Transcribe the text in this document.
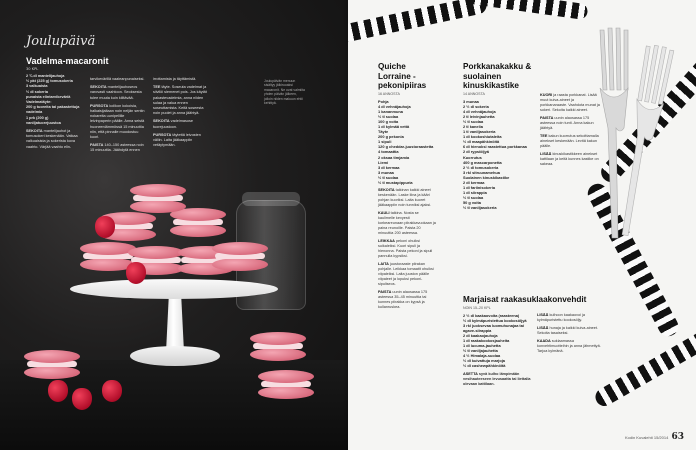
Joulupäivä
Vadelma-macaronit
30 KPL
2 ¾ dl mantelijauhoja
½ pkt (225 g) tomusokeria
3 valkuaista
½ dl sokeria
punaista elintarvikeväriä
Vadelmatäyte:
200 g tuoreita tai pakastettuja
vadelmia
1 prk (200 g) vaniljatuorejuustoa

SEKOITA mantelijauhot ja tomusokeri keskenään. Vatkaa valkuaisista ja sokerista kova vaahto. Värjää vaahto elin-

tarvikevärillä vaaleanpunaiseksi.

SEKOITA mantelijauhoseos varovasti vaahtoon. Seoksesta tulee muuta kuin kiiltävää.

PURSOTA kolikon kokoisia, halkaisijaltaan noin neljän sentin nokareita uunipellille leivinpaperin päälle. Anna seistä huoneenlämmössä 15 minuuttia niin, että pinnalle muodostuu kuori.

PAISTA 140–150 asteessa noin 15 minuuttia. Jäähdytä ennen

irrottamista ja täyttämistä.

TEE täyte. Soseuta vadelmat ja siivilöi siemenet pois. Jos käytät pakastevadelmia, anna niiden sulaa ja valua ennen soseuttamista. Keitä soseesta noin puolet ja anna jäähtyä.

SEKOITA vadelmasose tuorejuustoon.

PURSOTA täytettä leivosten väliin. Laita jääkaappiin vetäytymään.

Joulupäivän menuun sisältyy jälkiruoaksi macaronit. Ne ovat valmiita yhden päivän jälkeen, jolloin niiden makuun ehtii kehittyä.
Quiche Lorraine -pekonipiiras
16 ANNOSTA
Pohja
4 dl vehnäjauhoja
1 kananmuna
½ tl suolaa
100 g voita
1 dl kylmää vettä
Täyte
200 g pekonia
1 sipuli
120 g cheddar-juustoraastetta
4 tomaattia
2 oksaa timjamia
Liemi
3 dl kermaa
3 munaa
½ tl suolaa
½ tl mustapippuria

SEKOITA taikinan kaikki aineet keskenään. Laske liina ja kääri pohjan kuoriksi. Laita kuoret jääkaappiin noin tunniksi ajaksi.

KAULI taikina. Nosta se kaulimelle kevyesti korkeareunaan piirakkavuokaan ja paina reunoille. Paista 20 minuuttia 200 asteessa.

LEIKKAA pekoni ohuiksi suikaleiksi. Kuori sipuli ja hienonna. Paista pekoni ja sipuli pannulla kypsiksi.

LAITA juustoraaste piirakan pohjalle. Leikkaa tomaatit ohuiksi viipaleiksi. Laita juuston päälle viipaleet ja lopuksi pekoni-sipuliseos.

PAISTA uunin alaosassa 175 asteessa 35–45 minuuttia tai kunnes piirakka on kypsä ja kullanruskea.

Porkkanakakku & suolainen kinuskikastike
14 ANNOSTA
3 munaa
2 ½ dl sokeria
4 dl vehnäjauhoja
2 tl leivinjauhetta
½ tl suolaa
2 tl kanelia
1 tl vaniljasokeria
1 dl kookoshiutaleita
½ dl maapähkinöitä
6 dl hienoksi raastettua porkkanaa
2 dl rypsiöljyä
Kuorrutus
400 g mascarponetta
2 ½ dl tomusokeria
3 rkl sitruunamehua
Suolainen kinuskikastike
2 dl kermaa
1 dl fariinisokeria
1 dl siirappia
½ tl suolaa
50 g voita
½ tl vaniljasokeria

KUORI ja raasta porkkanat. Lisää muut kuiva-aineet ja porkkanaraaste. Vaahdota munat ja sokeri. Sekoita kaikki aineet.

PAISTA uunin alaosassa 175 asteessa noin tunti. Anna kakun jäähtyä.

TEE kakun kuorrutus sekoittamalla ainekset keskenään. Levitä kakun päälle.

LISÄÄ kinuskikastikkeen ainekset kattilaan ja keitä kunnes kastike on sakeaa.

Marjaisat raakasuklaakonvehdit
NOIN 15–20 KPL
2 ½ dl kaakaovoita (raasteena)
½ dl kylmäpuristettua kookosöljyä
3 rkl juoksevaa luomuhunajaa tai agave-siirappia
2 dl kaakaojauhoja
1 dl raakakookosjauheita
1 dl lucuma-jauhetta
½ tl vaniljajauhetta
4 ½ Himalaja-suolaa
½ dl kuivattuja marjoja
½ dl cashewpähkinöitä
ASETTA syvä kulho lämpimään vesihauteeseen levusaatta tai liettalla olevaan kattilaan.

LISÄÄ kulhoon kaakaovoi ja kylmäpuristettu kookosöljy.

LISÄÄ hunaja ja kaikki kuiva-aineet. Sekoita tasaiseksi.

KAADA suklaamassa konvehtimuotteihin ja anna jähmettyä. Tarjoa kylmänä.

Kodin Kuvalehti 15/2014 63
